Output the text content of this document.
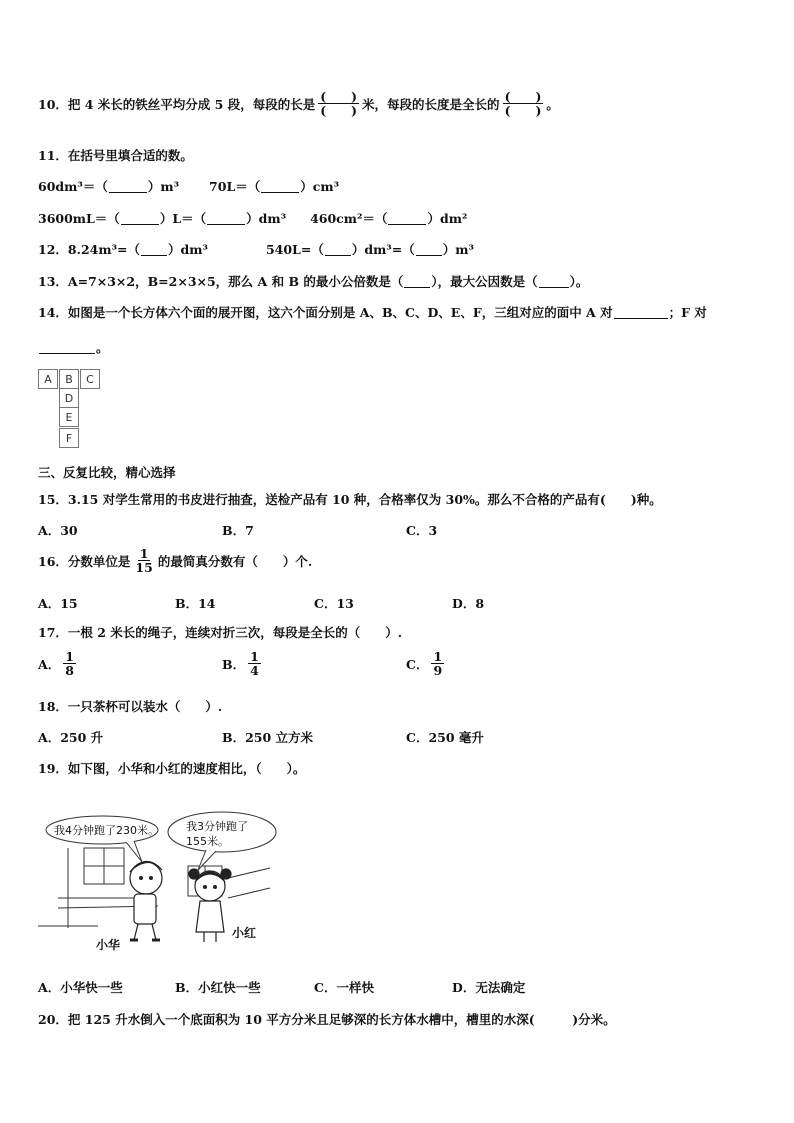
10．把 4 米长的铁丝平均分成 5 段，每段的长是 $\frac{( )}{( )}$ 米，每段的长度是全长的 $\frac{( )}{( )}$ 。
11．在括号里填合适的数。
60dm³＝（	）m³ 70L＝（	）cm³
3600mL＝（	）L＝（	）dm³ 460cm²＝（	）dm²
12．8.24m³=（ ）dm³	540L=（ ）dm³=（ ）m³
13．A=7×3×2，B=2×3×5，那么 A 和 B 的最小公倍数是（ ），最大公因数是（	）。
14．如图是一个长方体六个面的展开图，这六个面分别是 A、B、C、D、E、F，三组对应的面中 A 对	；F 对
。
A	B	C
D
E
F
三、反复比较，精心选择
15．3.15 对学生常用的书皮进行抽查，送检产品有 10 种，合格率仅为 30%。那么不合格的产品有(　　)种。
A．30	B．7	C．3
16．分数单位是 $\frac{1}{15}$ 的最简真分数有（　　）个.
A．15	B．14	C．13	D．8
17．一根 2 米长的绳子，连续对折三次，每段是全长的（　　）.
A． $\frac{1}{8}$	B． $\frac{1}{4}$	C． $\frac{1}{9}$
18．一只茶杯可以装水（　　）.
A．250 升	B．250 立方米	C．250 毫升
19．如下图，小华和小红的速度相比，（　　）。
我4分钟跑了230米。 我3分钟跑了
155米。
小华
小红
A．小华快一些	B．小红快一些	C．一样快	D．无法确定
20．把 125 升水倒入一个底面积为 10 平方分米且足够深的长方体水槽中，槽里的水深(　　　)分米。
